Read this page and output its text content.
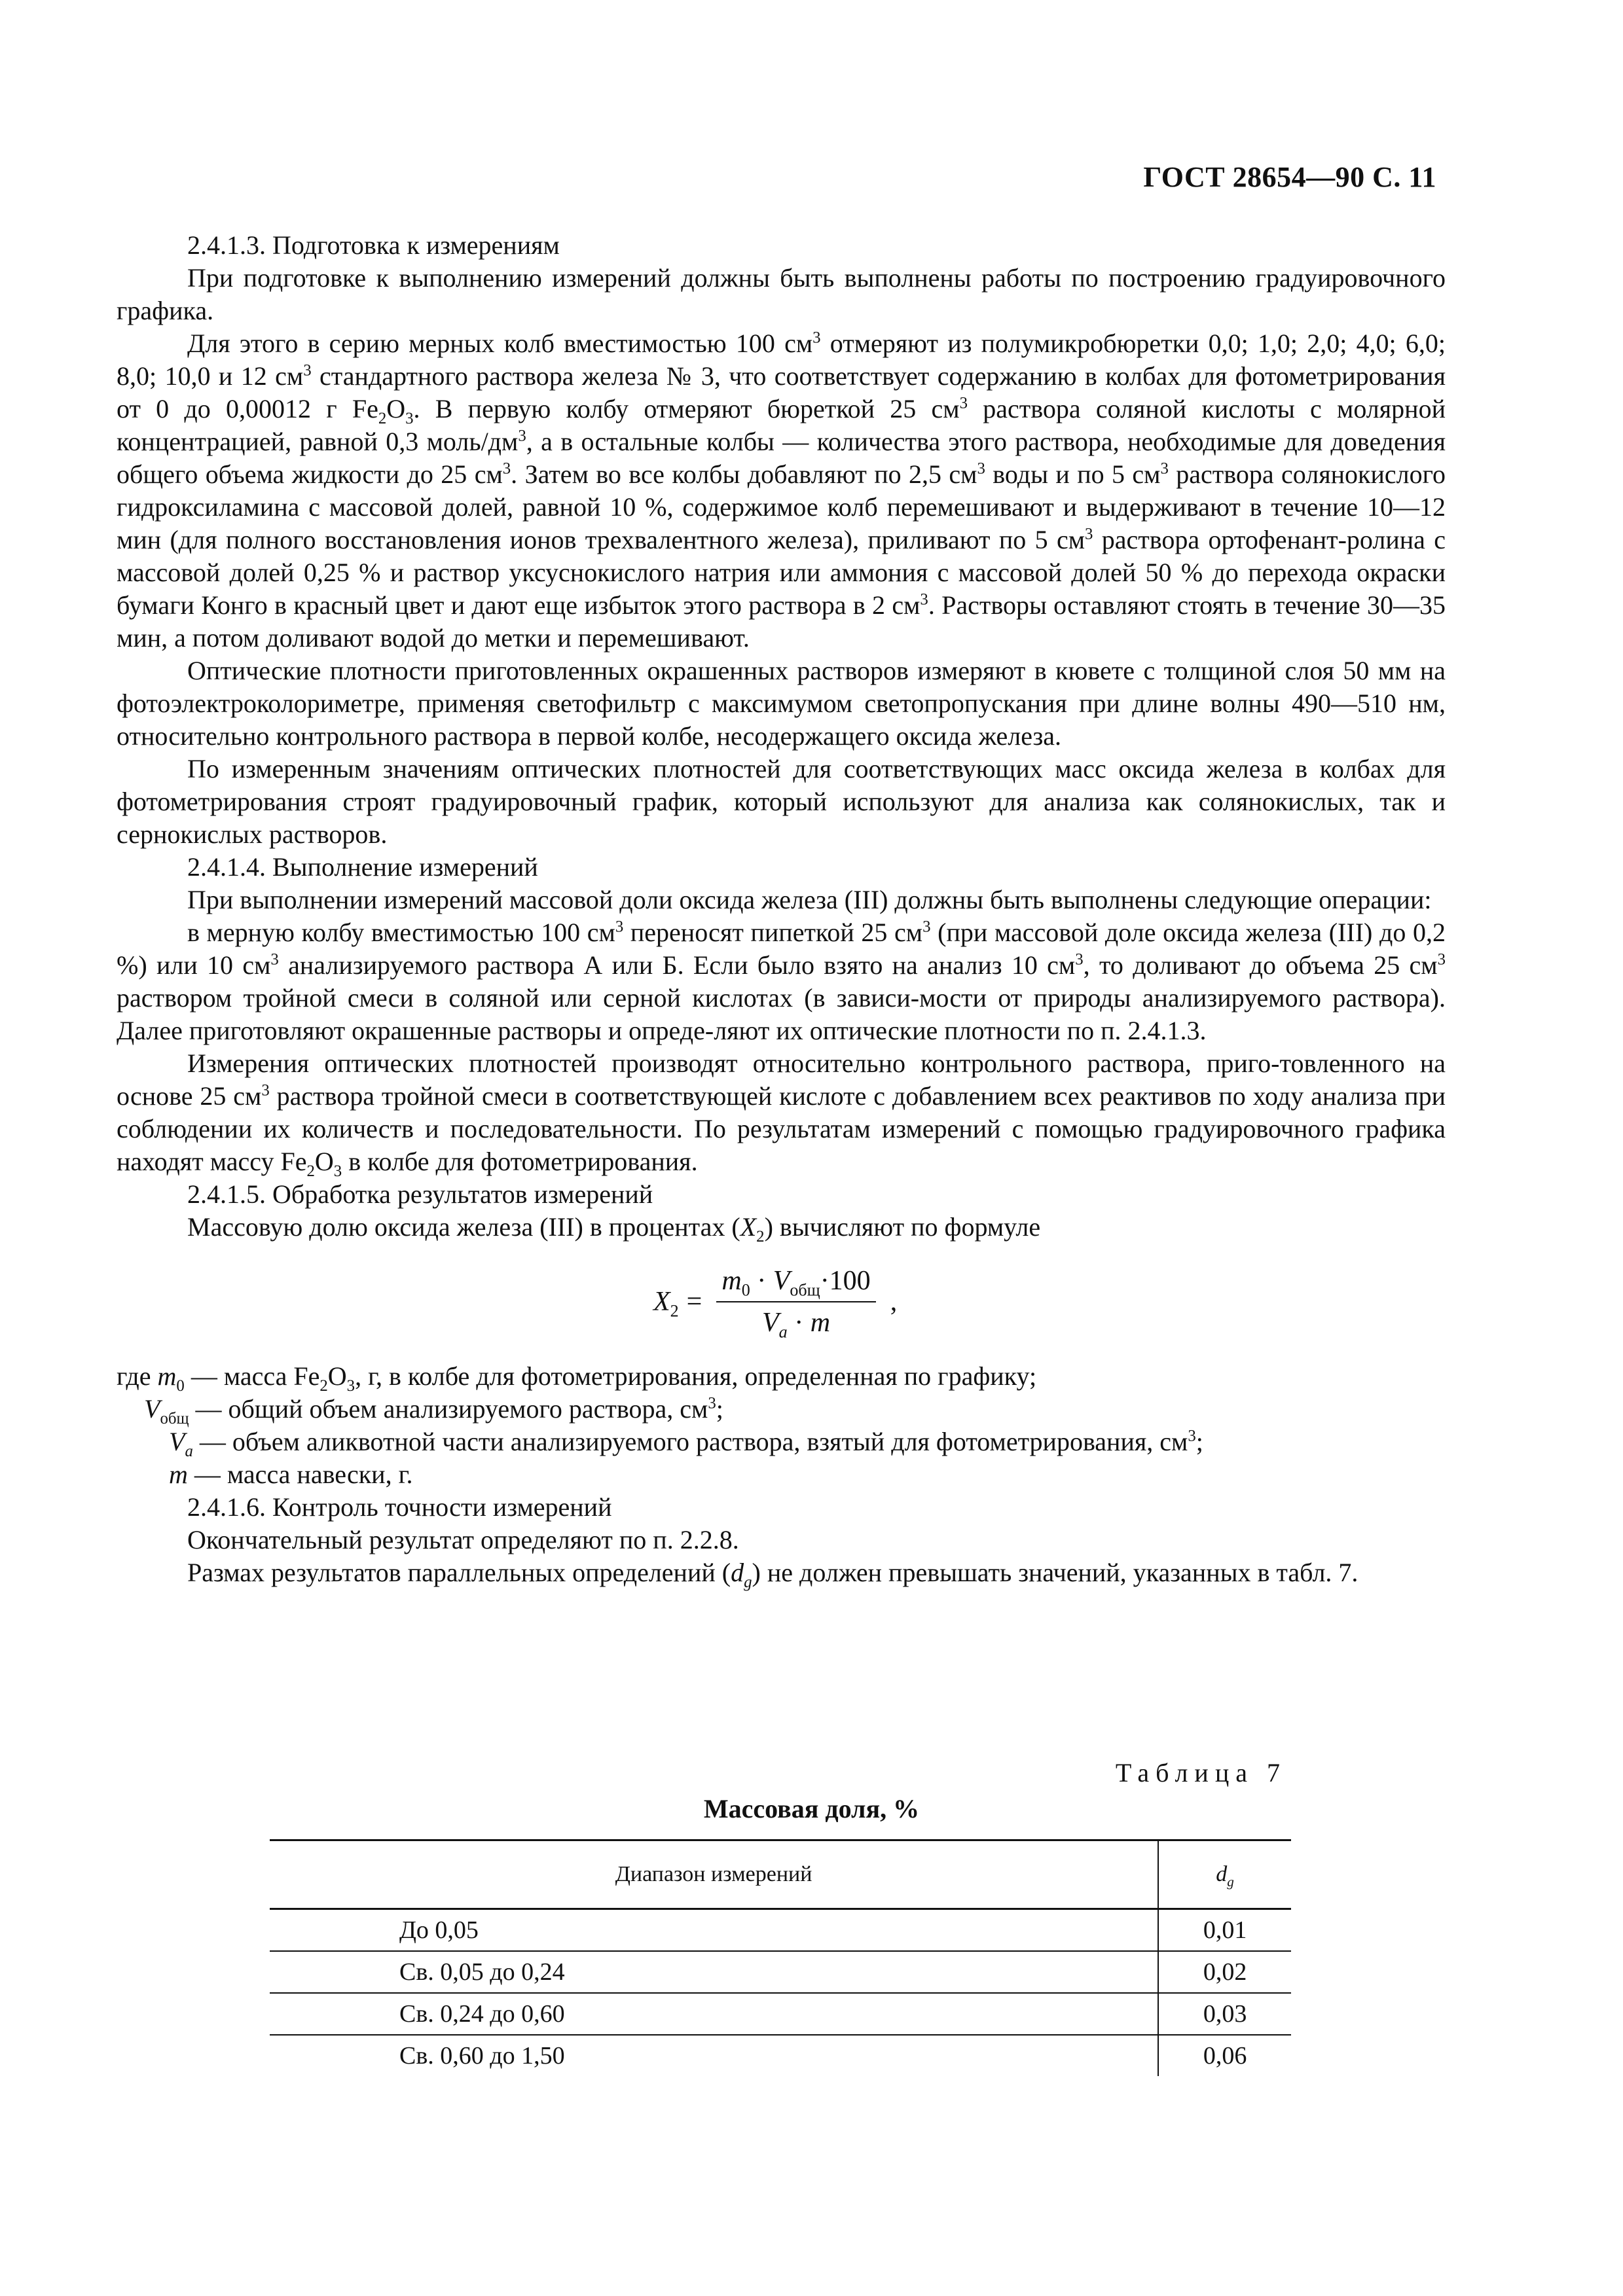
ГОСТ 28654—90 С. 11

2.4.1.3. Подготовка к измерениям

При подготовке к выполнению измерений должны быть выполнены работы по построению градуировочного графика.

Для этого в серию мерных колб вместимостью 100 $см^3$ отмеряют из полумикробюретки 0,0; 1,0; 2,0; 4,0; 6,0; 8,0; 10,0 и 12 $см^3$ стандартного раствора железа № 3, что соответствует содержанию в колбах для фотометрирования от 0 до 0,00012 г $Fe_2O_3$. В первую колбу отмеряют бюреткой 25 $см^3$ раствора соляной кислоты с молярной концентрацией, равной 0,3 моль/$дм^3$, а в остальные колбы — количества этого раствора, необходимые для доведения общего объема жидкости до 25 $см^3$. Затем во все колбы добавляют по 2,5 $см^3$ воды и по 5 $см^3$ раствора солянокислого гидроксиламина с массовой долей, равной 10 %, содержимое колб перемешивают и выдерживают в течение 10—12 мин (для полного восстановления ионов трехвалентного железа), приливают по 5 $см^3$ раствора ортофенант-ролина с массовой долей 0,25 % и раствор уксуснокислого натрия или аммония с массовой долей 50 % до перехода окраски бумаги Конго в красный цвет и дают еще избыток этого раствора в 2 $см^3$. Растворы оставляют стоять в течение 30—35 мин, а потом доливают водой до метки и перемешивают.

Оптические плотности приготовленных окрашенных растворов измеряют в кювете с толщиной слоя 50 мм на фотоэлектроколориметре, применяя светофильтр с максимумом светопропускания при длине волны 490—510 нм, относительно контрольного раствора в первой колбе, несодержащего оксида железа.

По измеренным значениям оптических плотностей для соответствующих масс оксида железа в колбах для фотометрирования строят градуировочный график, который используют для анализа как солянокислых, так и сернокислых растворов.

2.4.1.4. Выполнение измерений

При выполнении измерений массовой доли оксида железа (III) должны быть выполнены следующие операции:

в мерную колбу вместимостью 100 $см^3$ переносят пипеткой 25 $см^3$ (при массовой доле оксида железа (III) до 0,2 %) или 10 $см^3$ анализируемого раствора А или Б. Если было взято на анализ 10 $см^3$, то доливают до объема 25 $см^3$ раствором тройной смеси в соляной или серной кислотах (в зависи-мости от природы анализируемого раствора). Далее приготовляют окрашенные растворы и опреде-ляют их оптические плотности по п. 2.4.1.3.

Измерения оптических плотностей производят относительно контрольного раствора, приго-товленного на основе 25 $см^3$ раствора тройной смеси в соответствующей кислоте с добавлением всех реактивов по ходу анализа при соблюдении их количеств и последовательности. По результатам измерений с помощью градуировочного графика находят массу $Fe_2O_3$ в колбе для фотометрирования.

2.4.1.5. Обработка результатов измерений

Массовую долю оксида железа (III) в процентах $(X_2)$ вычисляют по формуле

$X_2 = \frac{m_0 \cdot V_{общ}\cdot 100}{V_a \cdot m}$ ,

где $m_0$ — масса $Fe_2O_3$, г, в колбе для фотометрирования, определенная по графику;

$V_{общ}$ — общий объем анализируемого раствора, $см^3$;

$V_a$ — объем аликвотной части анализируемого раствора, взятый для фотометрирования, $см^3$;

m — масса навески, г.

2.4.1.6. Контроль точности измерений

Окончательный результат определяют по п. 2.2.8.

Размах результатов параллельных определений $(d_g)$ не должен превышать значений, указанных в табл. 7.

Таблица 7
Массовая доля, %
Диапазон измерений	$d_g$
До 0,05	0,01
Св. 0,05 до 0,24	0,02
Св. 0,24 до 0,60	0,03
Св. 0,60 до 1,50	0,06
